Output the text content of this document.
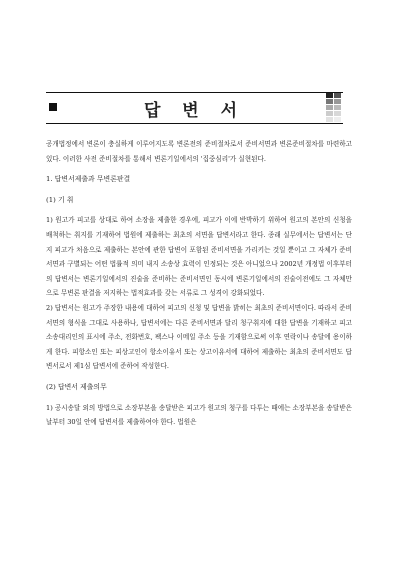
답 변 서

공개법정에서 변론이 충실하게 이루어지도록 변론전의 준비절차로서 준비서면과 변론준비절차를 마련하고 있다. 이러한 사전 준비절차를 통해서 변론기일에서의 '집중심리'가 실현된다.

1. 답변서제출과 무변론판결

(1) 기 취

1) 원고가 피고를 상대로 하여 소장을 제출한 경우에, 피고가 이에 반박하기 위하여 원고의 본안의 신청을 배척하는 취지를 기재하여 법원에 제출하는 최초의 서면을 답변서라고 한다. 종래 실무에서는 답변서는 단지 피고가 처음으로 제출하는 본안에 관한 답변이 포함된 준비서면을 가리키는 것일 뿐이고 그 자체가 준비서면과 구별되는 어떤 법률적 의미 내지 소송상 효력이 인정되는 것은 아니었으나 2002년 개정법 이후부터의 답변서는 변론기일에서의 진술을 준비하는 준비서면인 동시에 변론기일에서의 진술이전에도 그 자체만으로 무변론 판결을 저지하는 법적효과를 갖는 서류로 그 성격이 강화되었다.

2) 답변서는 원고가 주장한 내용에 대하여 피고의 신청 및 답변을 밝히는 최초의 준비서면이다. 따라서 준비서면의 형식을 그대로 사용하나, 답변서에는 다른 준비서면과 달리 청구취지에 대한 답변을 기재하고 피고 소송대리인의 표시에 주소, 전화번호, 팩스나 이메일 주소 등을 기재함으로써 이후 연락이나 송달에 용이하게 한다. 피항소인 또는 피상고인이 항소이유서 또는 상고이유서에 대하여 제출하는 최초의 준비서면도 답변서로서 제1심 답변서에 준하여 작성한다.

(2) 답변서 제출의무

1) 공시송달 외의 방법으로 소장부본을 송달받은 피고가 원고의 청구를 다투는 때에는 소장부본을 송달받은 날부터 30일 안에 답변서를 제출하여야 한다. 법원은
